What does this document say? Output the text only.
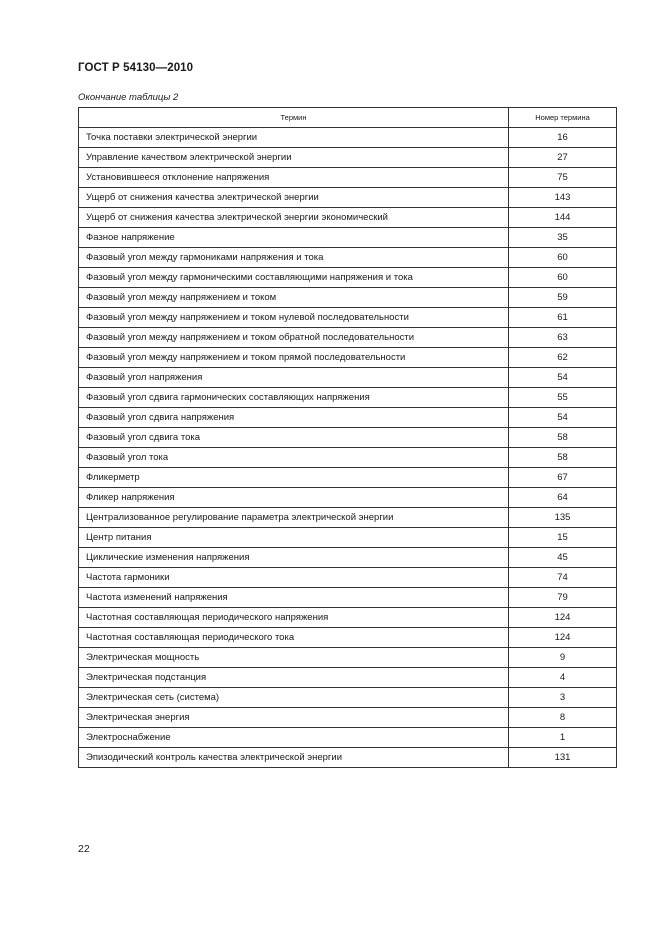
ГОСТ Р 54130—2010
Окончание таблицы 2
Термин	Номер термина
Точка поставки электрической энергии	16
Управление качеством электрической энергии	27
Установившееся отклонение напряжения	75
Ущерб от снижения качества электрической энергии	143
Ущерб от снижения качества электрической энергии экономический	144
Фазное напряжение	35
Фазовый угол между гармониками напряжения и тока	60
Фазовый угол между гармоническими составляющими напряжения и тока	60
Фазовый угол между напряжением и током	59
Фазовый угол между напряжением и током нулевой последовательности	61
Фазовый угол между напряжением и током обратной последовательности	63
Фазовый угол между напряжением и током прямой последовательности	62
Фазовый угол напряжения	54
Фазовый угол сдвига гармонических составляющих напряжения	55
Фазовый угол сдвига напряжения	54
Фазовый угол сдвига тока	58
Фазовый угол тока	58
Фликерметр	67
Фликер напряжения	64
Централизованное регулирование параметра электрической энергии	135
Центр питания	15
Циклические изменения напряжения	45
Частота гармоники	74
Частота изменений напряжения	79
Частотная составляющая периодического напряжения	124
Частотная составляющая периодического тока	124
Электрическая мощность	9
Электрическая подстанция	4
Электрическая сеть (система)	3
Электрическая энергия	8
Электроснабжение	1
Эпизодический контроль качества электрической энергии	131
22
